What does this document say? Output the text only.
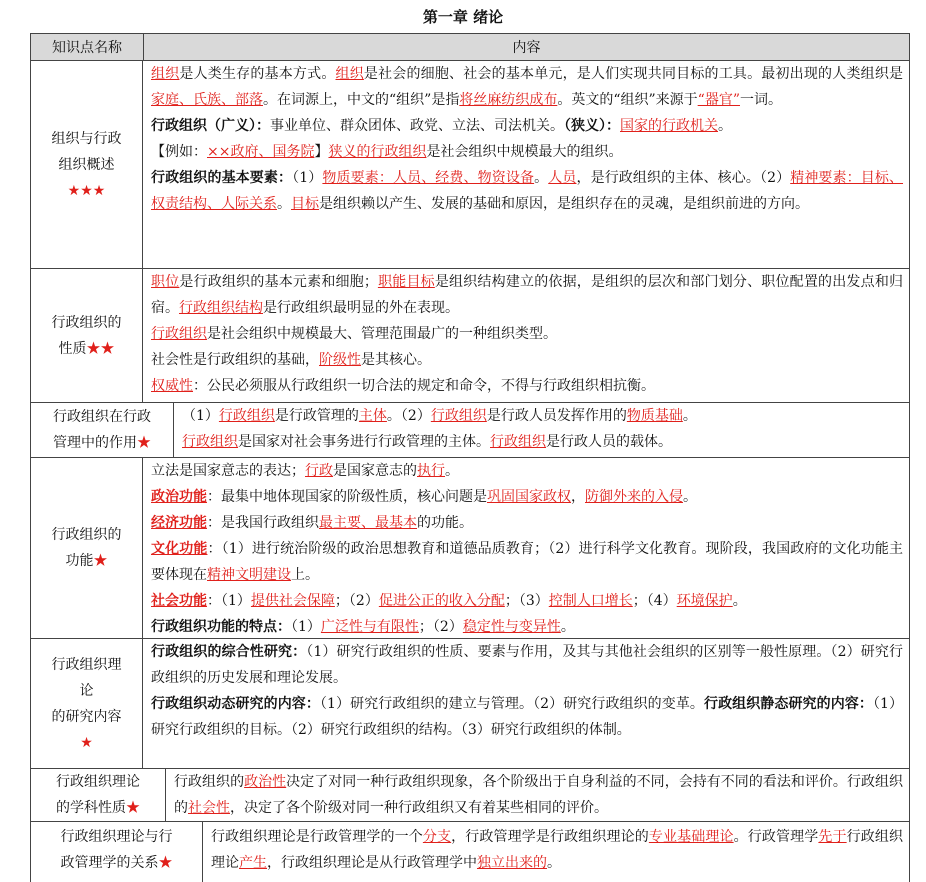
第一章 绪论
知识点名称	内容
组织与行政
组织概述
★★★

组织是人类生存的基本方式。组织是社会的细胞、社会的基本单元，是人们实现共同目标的工具。最初出现的人类组织是家庭、氏族、部落。在词源上，中文的“组织”是指将丝麻纺织成布。英文的“组织”来源于“器官”一词。

行政组织（广义）：事业单位、群众团体、政党、立法、司法机关。（狭义）：国家的行政机关。

【例如：××政府、国务院】狭义的行政组织是社会组织中规模最大的组织。

行政组织的基本要素：（1）物质要素：人员、经费、物资设备。人员，是行政组织的主体、核心。（2）精神要素：目标、权责结构、人际关系。目标是组织赖以产生、发展的基础和原因，是组织存在的灵魂，是组织前进的方向。

行政组织的
性质★★

职位是行政组织的基本元素和细胞；职能目标是组织结构建立的依据，是组织的层次和部门划分、职位配置的出发点和归宿。行政组织结构是行政组织最明显的外在表现。

行政组织是社会组织中规模最大、管理范围最广的一种组织类型。

社会性是行政组织的基础，阶级性是其核心。

权威性：公民必须服从行政组织一切合法的规定和命令，不得与行政组织相抗衡。

行政组织在行政
管理中的作用★

（1）行政组织是行政管理的主体。（2）行政组织是行政人员发挥作用的物质基础。

行政组织是国家对社会事务进行行政管理的主体。行政组织是行政人员的载体。

行政组织的
功能★

立法是国家意志的表达；行政是国家意志的执行。

政治功能：最集中地体现国家的阶级性质，核心问题是巩固国家政权，防御外来的入侵。

经济功能：是我国行政组织最主要、最基本的功能。

文化功能：（1）进行统治阶级的政治思想教育和道德品质教育；（2）进行科学文化教育。现阶段，我国政府的文化功能主要体现在精神文明建设上。

社会功能：（1）提供社会保障；（2）促进公正的收入分配；（3）控制人口增长；（4）环境保护。

行政组织功能的特点：（1）广泛性与有限性；（2）稳定性与变异性。

行政组织理
论
的研究内容
★

行政组织的综合性研究：（1）研究行政组织的性质、要素与作用，及其与其他社会组织的区别等一般性原理。（2）研究行政组织的历史发展和理论发展。

行政组织动态研究的内容：（1）研究行政组织的建立与管理。（2）研究行政组织的变革。行政组织静态研究的内容：（1）研究行政组织的目标。（2）研究行政组织的结构。（3）研究行政组织的体制。

行政组织理论
的学科性质★

行政组织的政治性决定了对同一种行政组织现象，各个阶级出于自身利益的不同，会持有不同的看法和评价。行政组织的社会性，决定了各个阶级对同一种行政组织又有着某些相同的评价。

行政组织理论与行
政管理学的关系★

行政组织理论是行政管理学的一个分支，行政管理学是行政组织理论的专业基础理论。行政管理学先于行政组织理论产生，行政组织理论是从行政管理学中独立出来的。
